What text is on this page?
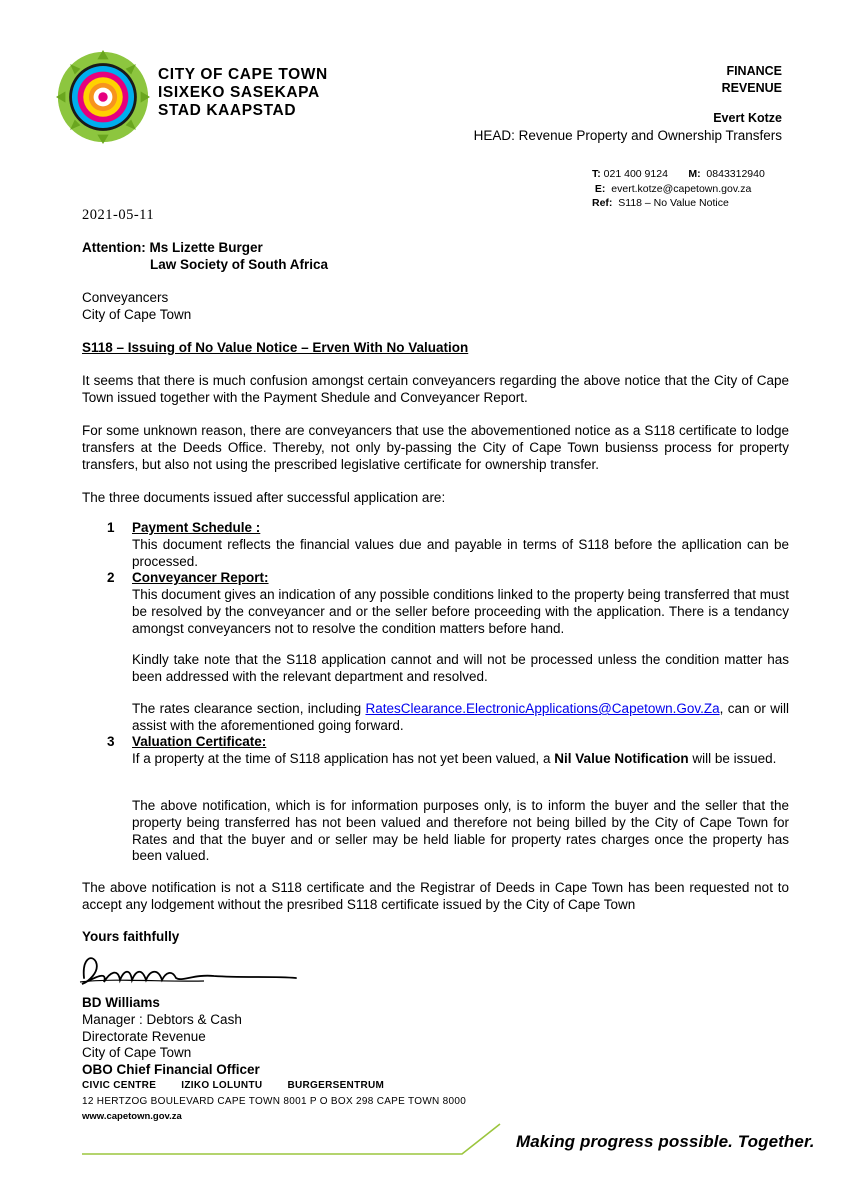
CITY OF CAPE TOWN
ISIXEKO SASEKAPA
STAD KAAPSTAD
FINANCE
REVENUE
Evert Kotze
HEAD: Revenue Property and Ownership Transfers
T: 021 400 9124 M: 0843312940
E: evert.kotze@capetown.gov.za
Ref: S118 – No Value Notice
2021-05-11
Attention: Ms Lizette Burger
Law Society of South Africa
Conveyancers
City of Cape Town
S118 – Issuing of No Value Notice – Erven With No Valuation
It seems that there is much confusion amongst certain conveyancers regarding the above notice that the City of Cape Town issued together with the Payment Shedule and Conveyancer Report.
For some unknown reason, there are conveyancers that use the abovementioned notice as a S118 certificate to lodge transfers at the Deeds Office. Thereby, not only by-passing the City of Cape Town busienss process for property transfers, but also not using the prescribed legislative certificate for ownership transfer.
The three documents issued after successful application are:
1 Payment Schedule :
This document reflects the financial values due and payable in terms of S118 before the apllication can be processed.
2 Conveyancer Report:
This document gives an indication of any possible conditions linked to the property being transferred that must be resolved by the conveyancer and or the seller before proceeding with the application. There is a tendancy amongst conveyancers not to resolve the condition matters before hand.
Kindly take note that the S118 application cannot and will not be processed unless the condition matter has been addressed with the relevant department and resolved.
The rates clearance section, including RatesClearance.ElectronicApplications@Capetown.Gov.Za, can or will assist with the aforementioned going forward.
3 Valuation Certificate:
If a property at the time of S118 application has not yet been valued, a Nil Value Notification will be issued.
The above notification, which is for information purposes only, is to inform the buyer and the seller that the property being transferred has not been valued and therefore not being billed by the City of Cape Town for Rates and that the buyer and or seller may be held liable for property rates charges once the property has been valued.
The above notification is not a S118 certificate and the Registrar of Deeds in Cape Town has been requested not to accept any lodgement without the presribed S118 certificate issued by the City of Cape Town
Yours faithfully
BD Williams
Manager : Debtors & Cash
Directorate Revenue
City of Cape Town
OBO Chief Financial Officer
CIVIC CENTRE	IZIKO LOLUNTU	BURGERSENTRUM
12 HERTZOG BOULEVARD CAPE TOWN 8001 P O BOX 298 CAPE TOWN 8000
www.capetown.gov.za
Making progress possible. Together.
